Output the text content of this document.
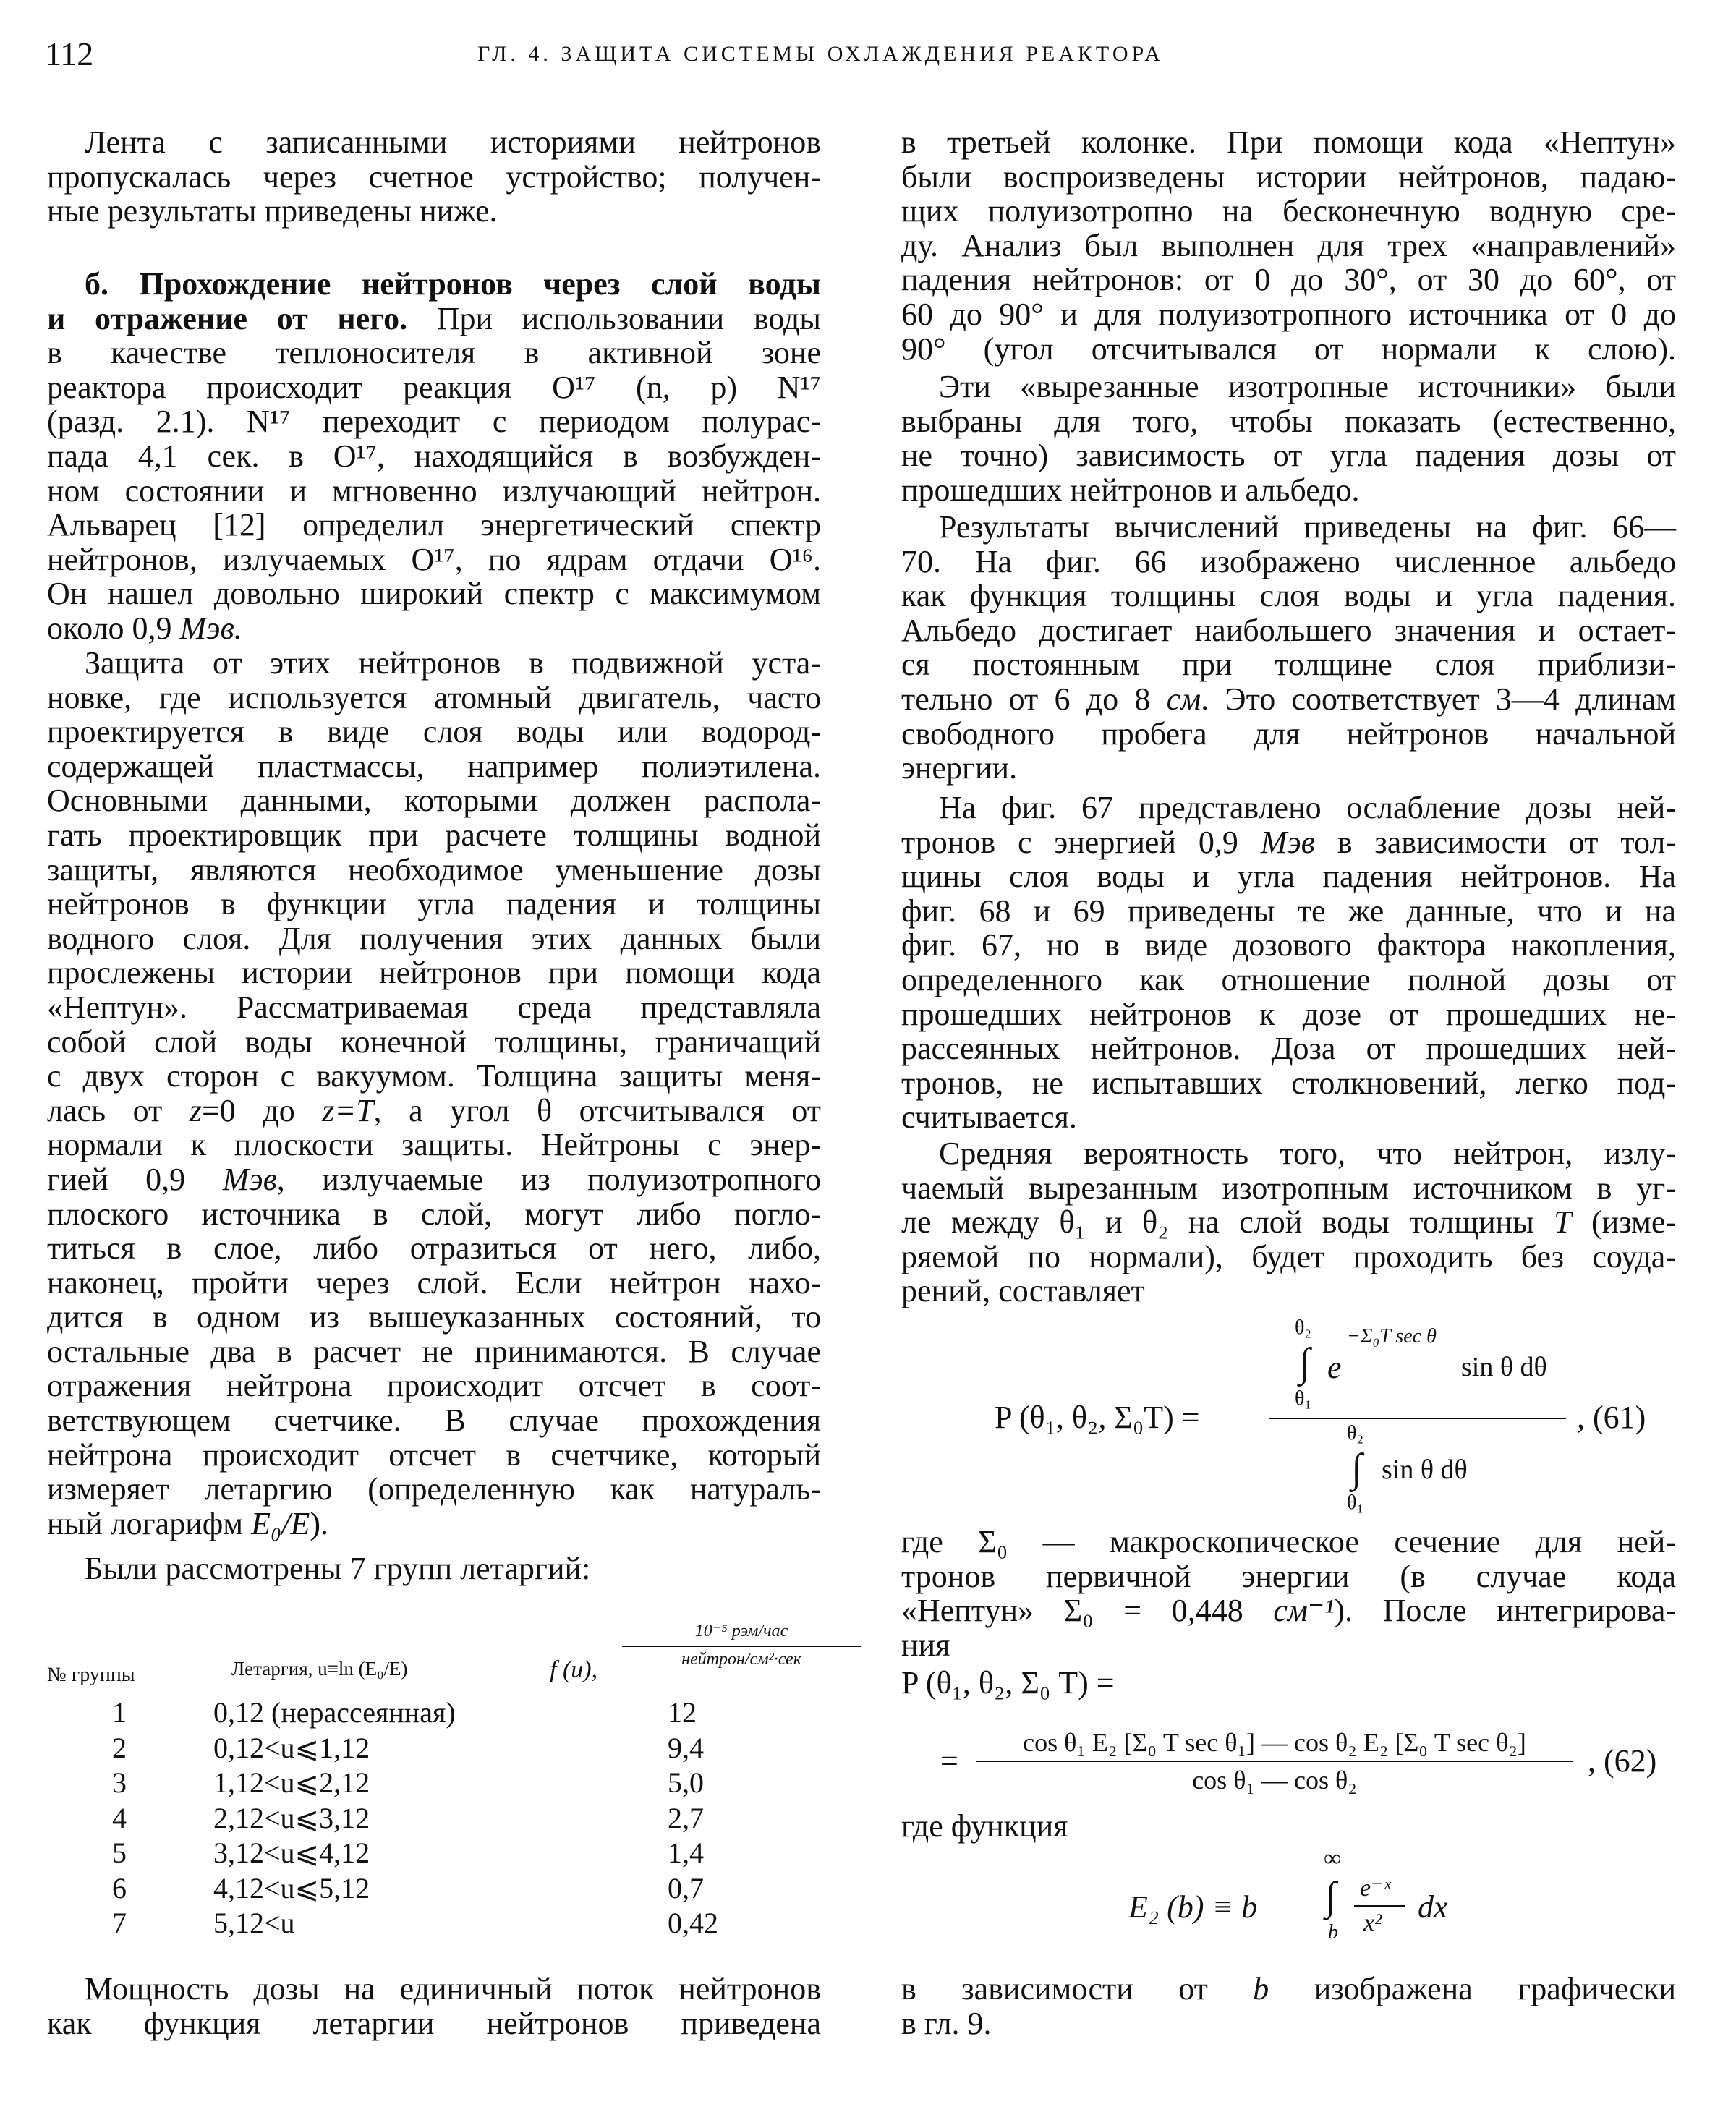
112	ГЛ. 4. ЗАЩИТА СИСТЕМЫ ОХЛАЖДЕНИЯ РЕАКТОРА
Лента с записанными историями нейтронов
пропускалась через счетное устройство; получен-
ные результаты приведены ниже.
б. Прохождение нейтронов через слой воды
и отражение от него. При использовании воды
в качестве теплоносителя в активной зоне
реактора происходит реакция O¹⁷ (n, p) N¹⁷
(разд. 2.1). N¹⁷ переходит с периодом полурас-
пада 4,1 сек. в O¹⁷, находящийся в возбужден-
ном состоянии и мгновенно излучающий нейтрон.
Альварец [12] определил энергетический спектр
нейтронов, излучаемых O¹⁷, по ядрам отдачи O¹⁶.
Он нашел довольно широкий спектр с максимумом
около 0,9 Мэв.
Защита от этих нейтронов в подвижной уста-
новке, где используется атомный двигатель, часто
проектируется в виде слоя воды или водород-
содержащей пластмассы, например полиэтилена.
Основными данными, которыми должен распола-
гать проектировщик при расчете толщины водной
защиты, являются необходимое уменьшение дозы
нейтронов в функции угла падения и толщины
водного слоя. Для получения этих данных были
прослежены истории нейтронов при помощи кода
«Нептун». Рассматриваемая среда представляла
собой слой воды конечной толщины, граничащий
с двух сторон с вакуумом. Толщина защиты меня-
лась от z=0 до z=T, а угол θ отсчитывался от
нормали к плоскости защиты. Нейтроны с энер-
гией 0,9 Мэв, излучаемые из полуизотропного
плоского источника в слой, могут либо погло-
титься в слое, либо отразиться от него, либо,
наконец, пройти через слой. Если нейтрон нахо-
дится в одном из вышеуказанных состояний, то
остальные два в расчет не принимаются. В случае
отражения нейтрона происходит отсчет в соот-
ветствующем счетчике. В случае прохождения
нейтрона происходит отсчет в счетчике, который
измеряет летаргию (определенную как натураль-
ный логарифм E₀/E).
Были рассмотрены 7 групп летаргий:
Мощность дозы на единичный поток нейтронов
как функция летаргии нейтронов приведена
в третьей колонке. При помощи кода «Нептун»
были воспроизведены истории нейтронов, падаю-
щих полуизотропно на бесконечную водную сре-
ду. Анализ был выполнен для трех «направлений»
падения нейтронов: от 0 до 30°, от 30 до 60°, от
60 до 90° и для полуизотропного источника от 0 до
90° (угол отсчитывался от нормали к слою).
Эти «вырезанные изотропные источники» были
выбраны для того, чтобы показать (естественно,
не точно) зависимость от угла падения дозы от
прошедших нейтронов и альбедо.
Результаты вычислений приведены на фиг. 66—
70. На фиг. 66 изображено численное альбедо
как функция толщины слоя воды и угла падения.
Альбедо достигает наибольшего значения и остает-
ся постоянным при толщине слоя приблизи-
тельно от 6 до 8 см. Это соответствует 3—4 длинам
свободного пробега для нейтронов начальной
энергии.
На фиг. 67 представлено ослабление дозы ней-
тронов с энергией 0,9 Мэв в зависимости от тол-
щины слоя воды и угла падения нейтронов. На
фиг. 68 и 69 приведены те же данные, что и на
фиг. 67, но в виде дозового фактора накопления,
определенного как отношение полной дозы от
прошедших нейтронов к дозе от прошедших не-
рассеянных нейтронов. Доза от прошедших ней-
тронов, не испытавших столкновений, легко под-
считывается.
Средняя вероятность того, что нейтрон, излу-
чаемый вырезанным изотропным источником в уг-
ле между θ₁ и θ₂ на слой воды толщины T (изме-
ряемой по нормали), будет проходить без соуда-
рений, составляет
где Σ₀ — макроскопическое сечение для ней-
тронов первичной энергии (в случае кода
«Нептун» Σ₀ = 0,448 см⁻¹). После интегрирова-
ния
где функция
в зависимости от b изображена графически
в гл. 9.
№ группы	Летаргия, u≡ln (E₀/E)	f (u),
10⁻⁵ рэм/час
нейтрон/см²·сек
1	0,12 (нерассеянная)	12
2	0,12<u⩽1,12	9,4
3	1,12<u⩽2,12	5,0
4	2,12<u⩽3,12	2,7
5	3,12<u⩽4,12	1,4
6	4,12<u⩽5,12	0,7
7	5,12<u	0,42
P (θ₁, θ₂, Σ₀T) =
θ₂
∫
θ₁
e
−Σ₀T sec θ
sin θ dθ
θ₂
∫
θ₁
sin θ dθ
, (61)
P (θ₁, θ₂, Σ₀ T) =
=
cos θ₁ E₂ [Σ₀ T sec θ₁] — cos θ₂ E₂ [Σ₀ T sec θ₂]
cos θ₁ — cos θ₂
, (62)
E₂ (b) ≡ b
∞
∫
b
e⁻ˣ
x² dx
